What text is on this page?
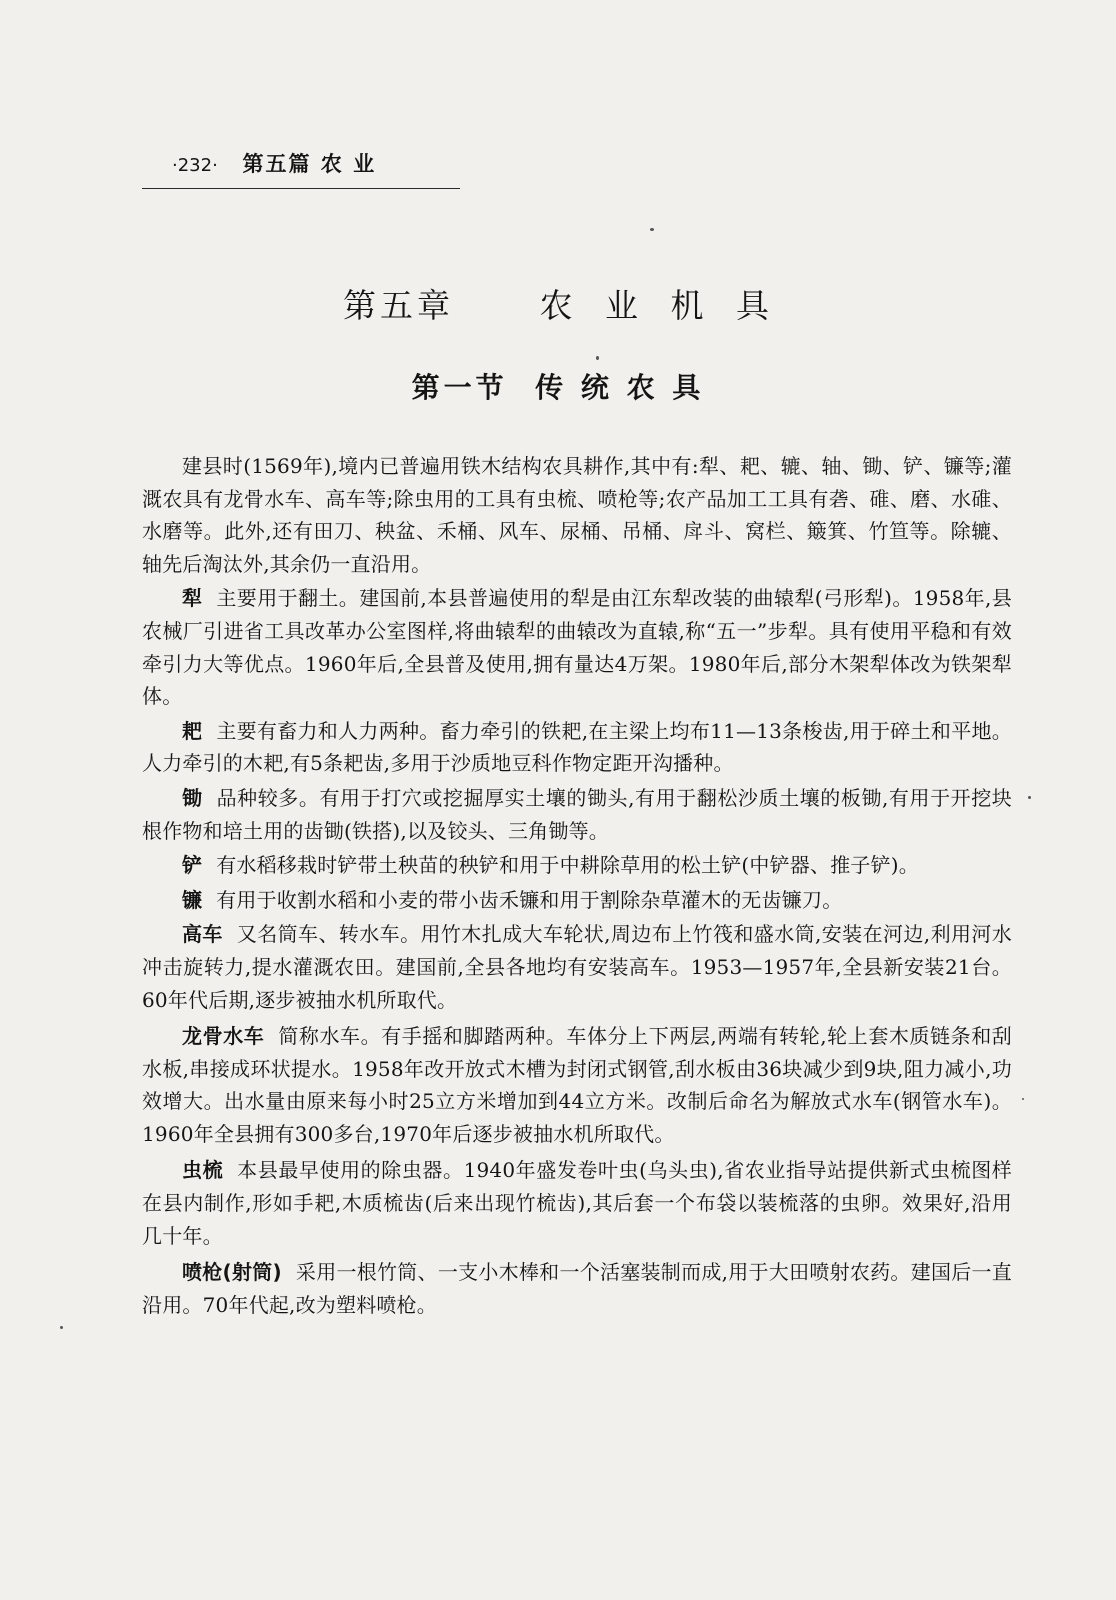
·232· 第五篇 农 业
第五章   农 业 机 具
第一节  传 统 农 具

建县时(1569年),境内已普遍用铁木结构农具耕作,其中有:犁、耙、辘、轴、锄、铲、镰等;灌溉农具有龙骨水车、高车等;除虫用的工具有虫梳、喷枪等;农产品加工工具有砻、碓、磨、水碓、水磨等。此外,还有田刀、秧盆、禾桶、风车、尿桶、吊桶、戽斗、窝栏、簸箕、竹笪等。除辘、轴先后淘汰外,其余仍一直沿用。

犁 主要用于翻土。建国前,本县普遍使用的犁是由江东犁改装的曲辕犁(弓形犁)。1958年,县农械厂引进省工具改革办公室图样,将曲辕犁的曲辕改为直辕,称“五一”步犁。具有使用平稳和有效牵引力大等优点。1960年后,全县普及使用,拥有量达4万架。1980年后,部分木架犁体改为铁架犁体。

耙 主要有畜力和人力两种。畜力牵引的铁耙,在主梁上均布11—13条梭齿,用于碎土和平地。人力牵引的木耙,有5条耙齿,多用于沙质地豆科作物定距开沟播种。

锄 品种较多。有用于打穴或挖掘厚实土壤的锄头,有用于翻松沙质土壤的板锄,有用于开挖块根作物和培土用的齿锄(铁搭),以及铰头、三角锄等。

铲 有水稻移栽时铲带土秧苗的秧铲和用于中耕除草用的松土铲(中铲器、推子铲)。

镰 有用于收割水稻和小麦的带小齿禾镰和用于割除杂草灌木的无齿镰刀。

高车 又名筒车、转水车。用竹木扎成大车轮状,周边布上竹筏和盛水筒,安装在河边,利用河水冲击旋转力,提水灌溉农田。建国前,全县各地均有安装高车。1953—1957年,全县新安装21台。60年代后期,逐步被抽水机所取代。

龙骨水车 简称水车。有手摇和脚踏两种。车体分上下两层,两端有转轮,轮上套木质链条和刮水板,串接成环状提水。1958年改开放式木槽为封闭式钢管,刮水板由36块减少到9块,阻力减小,功效增大。出水量由原来每小时25立方米增加到44立方米。改制后命名为解放式水车(钢管水车)。1960年全县拥有300多台,1970年后逐步被抽水机所取代。

虫梳 本县最早使用的除虫器。1940年盛发卷叶虫(乌头虫),省农业指导站提供新式虫梳图样在县内制作,形如手耙,木质梳齿(后来出现竹梳齿),其后套一个布袋以装梳落的虫卵。效果好,沿用几十年。

喷枪(射筒) 采用一根竹筒、一支小木棒和一个活塞装制而成,用于大田喷射农药。建国后一直沿用。70年代起,改为塑料喷枪。
